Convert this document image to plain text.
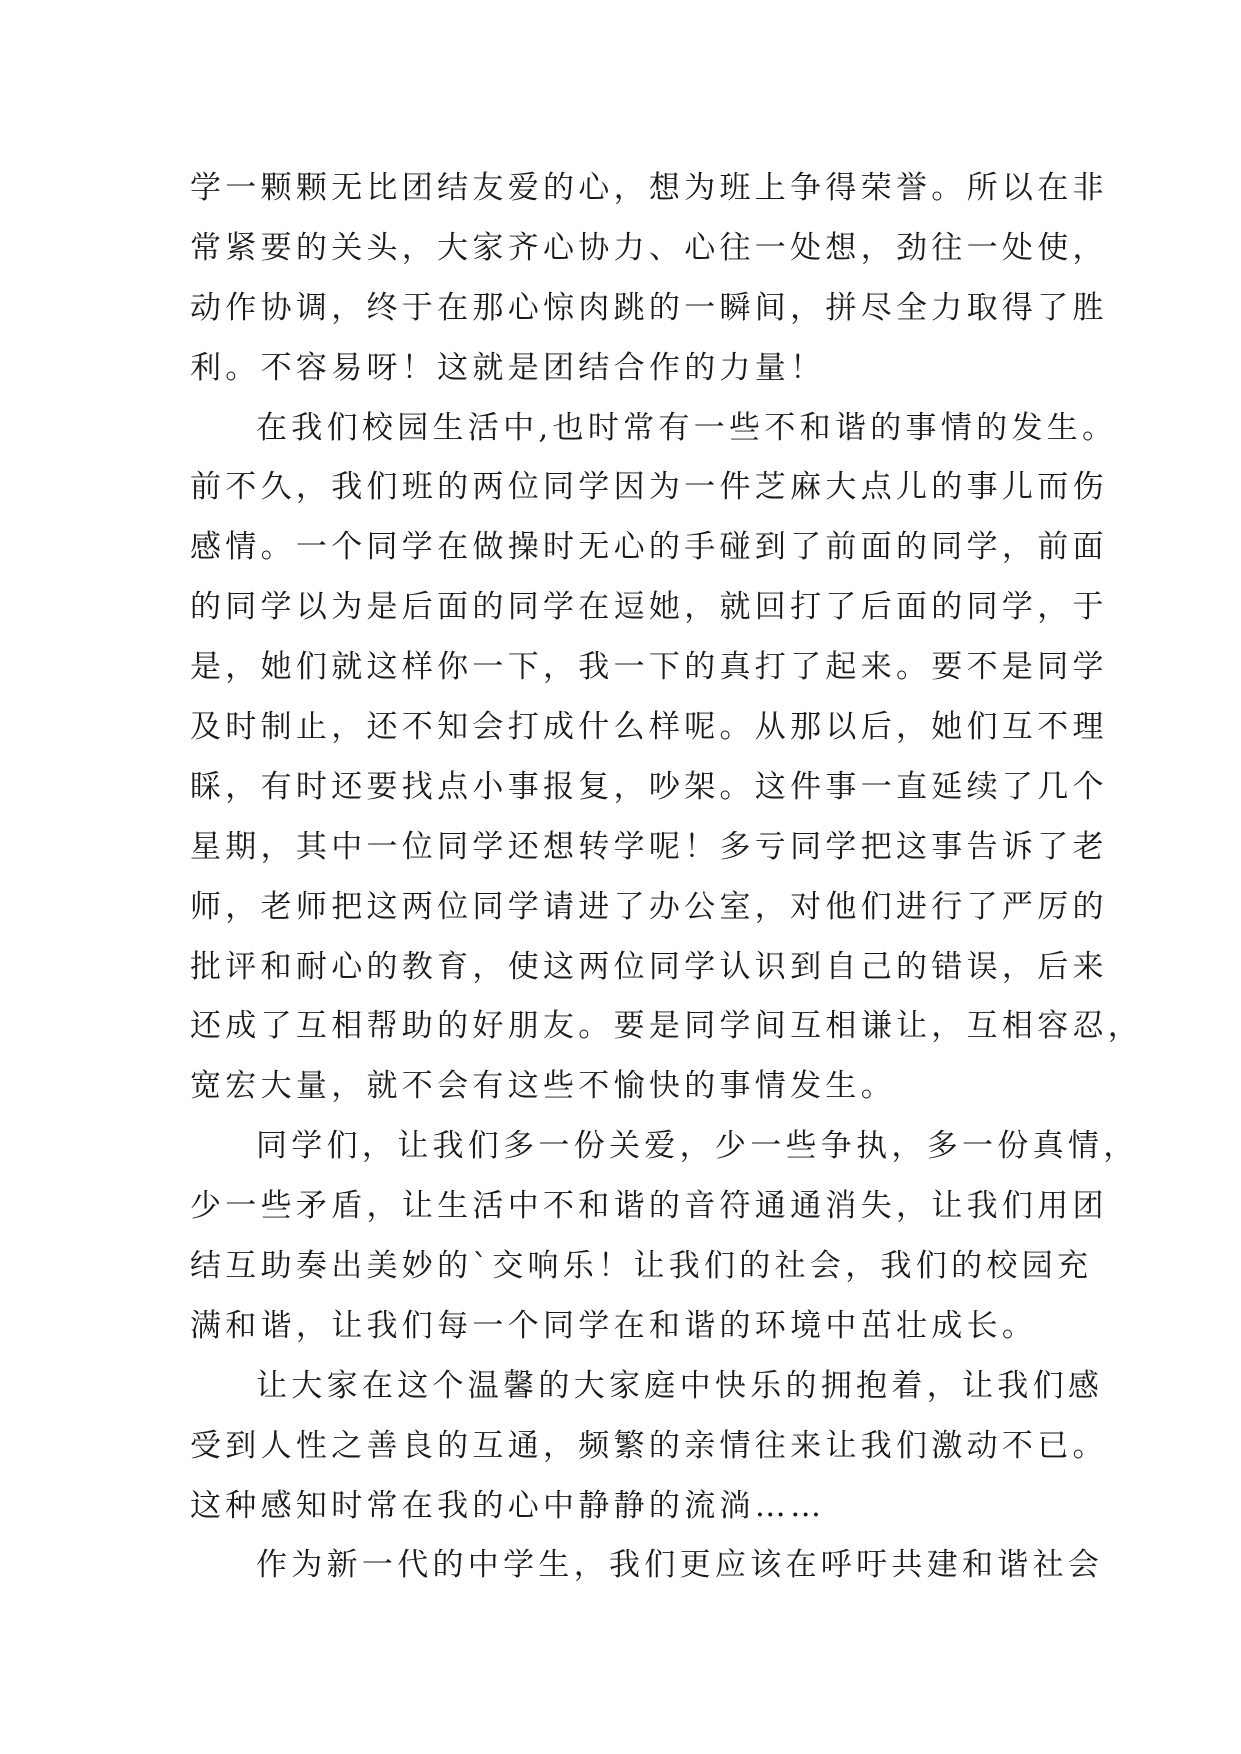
学一颗颗无比团结友爱的心，想为班上争得荣誉。所以在非
常紧要的关头，大家齐心协力、心往一处想，劲往一处使，
动作协调，终于在那心惊肉跳的一瞬间，拼尽全力取得了胜
利。不容易呀！这就是团结合作的力量！
在我们校园生活中,也时常有一些不和谐的事情的发生。
前不久，我们班的两位同学因为一件芝麻大点儿的事儿而伤
感情。一个同学在做操时无心的手碰到了前面的同学，前面
的同学以为是后面的同学在逗她，就回打了后面的同学，于
是，她们就这样你一下，我一下的真打了起来。要不是同学
及时制止，还不知会打成什么样呢。从那以后，她们互不理
睬，有时还要找点小事报复，吵架。这件事一直延续了几个
星期，其中一位同学还想转学呢！多亏同学把这事告诉了老
师，老师把这两位同学请进了办公室，对他们进行了严厉的
批评和耐心的教育，使这两位同学认识到自己的错误，后来
还成了互相帮助的好朋友。要是同学间互相谦让，互相容忍，
宽宏大量，就不会有这些不愉快的事情发生。
同学们，让我们多一份关爱，少一些争执，多一份真情，
少一些矛盾，让生活中不和谐的音符通通消失，让我们用团
结互助奏出美妙的`交响乐！让我们的社会，我们的校园充
满和谐，让我们每一个同学在和谐的环境中茁壮成长。
让大家在这个温馨的大家庭中快乐的拥抱着，让我们感
受到人性之善良的互通，频繁的亲情往来让我们激动不已。
这种感知时常在我的心中静静的流淌……
作为新一代的中学生，我们更应该在呼吁共建和谐社会
